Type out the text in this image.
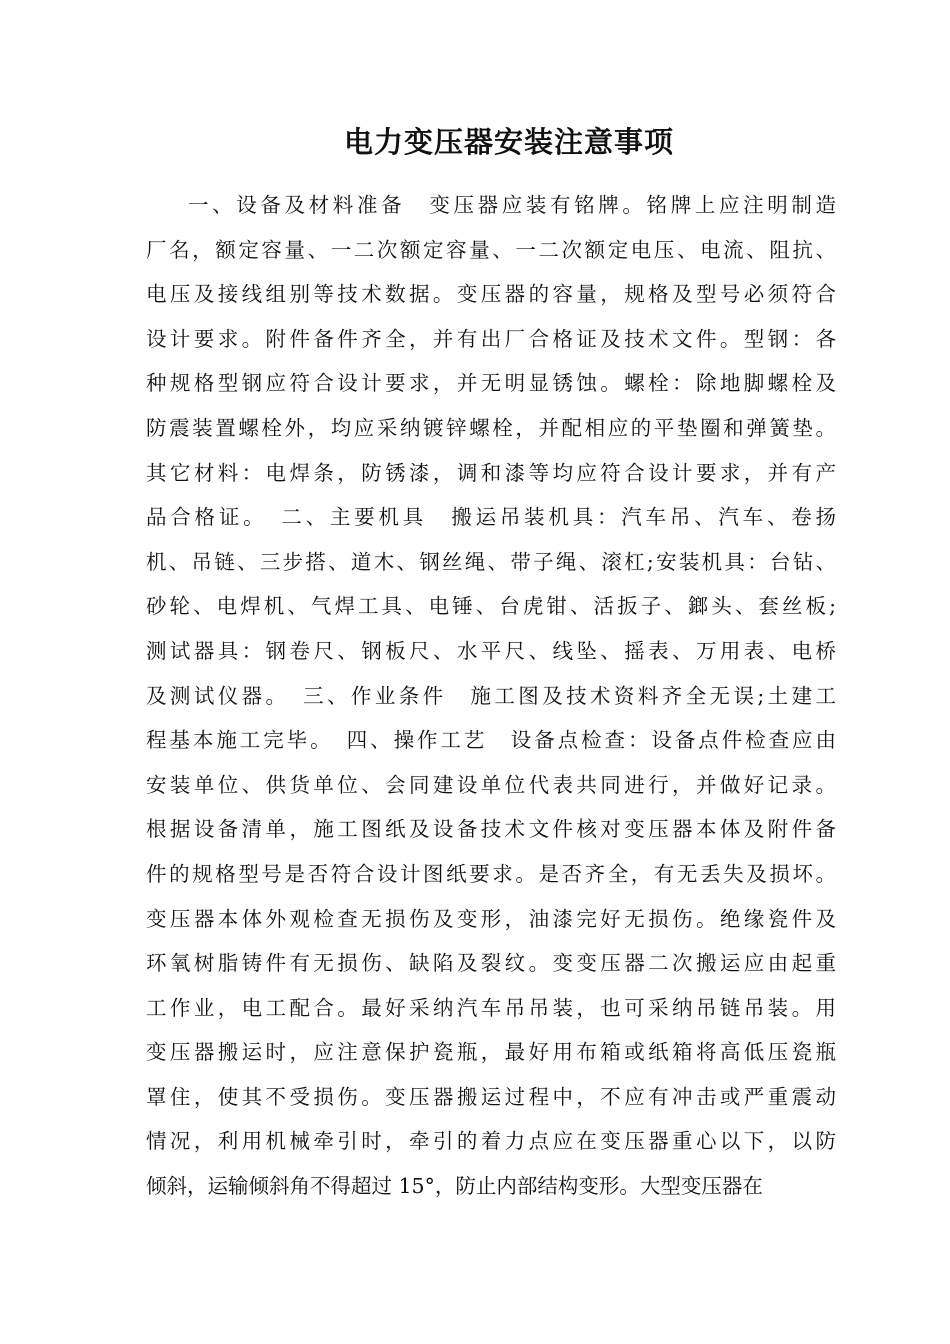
电力变压器安装注意事项
一、设备及材料准备　变压器应装有铭牌。铭牌上应注明制造
厂名，额定容量、一二次额定容量、一二次额定电压、电流、阻抗、
电压及接线组别等技术数据。变压器的容量，规格及型号必须符合
设计要求。附件备件齐全，并有出厂合格证及技术文件。型钢：各
种规格型钢应符合设计要求，并无明显锈蚀。螺栓：除地脚螺栓及
防震装置螺栓外，均应采纳镀锌螺栓，并配相应的平垫圈和弹簧垫。
其它材料：电焊条，防锈漆，调和漆等均应符合设计要求，并有产
品合格证。　二、主要机具　搬运吊装机具：汽车吊、汽车、卷扬
机、吊链、三步搭、道木、钢丝绳、带子绳、滚杠;安装机具：台钻、
砂轮、电焊机、气焊工具、电锤、台虎钳、活扳子、鎯头、套丝板;
测试器具：钢卷尺、钢板尺、水平尺、线坠、摇表、万用表、电桥
及测试仪器。　三、作业条件　施工图及技术资料齐全无误;土建工
程基本施工完毕。　四、操作工艺　设备点检查：设备点件检查应由
安装单位、供货单位、会同建设单位代表共同进行，并做好记录。
根据设备清单，施工图纸及设备技术文件核对变压器本体及附件备
件的规格型号是否符合设计图纸要求。是否齐全，有无丢失及损坏。
变压器本体外观检查无损伤及变形，油漆完好无损伤。绝缘瓷件及
环氧树脂铸件有无损伤、缺陷及裂纹。变变压器二次搬运应由起重
工作业，电工配合。最好采纳汽车吊吊装，也可采纳吊链吊装。用
变压器搬运时，应注意保护瓷瓶，最好用布箱或纸箱将高低压瓷瓶
罩住，使其不受损伤。变压器搬运过程中，不应有冲击或严重震动
情况，利用机械牵引时，牵引的着力点应在变压器重心以下，以防
倾斜，运输倾斜角不得超过 15°，防止内部结构变形。大型变压器在
